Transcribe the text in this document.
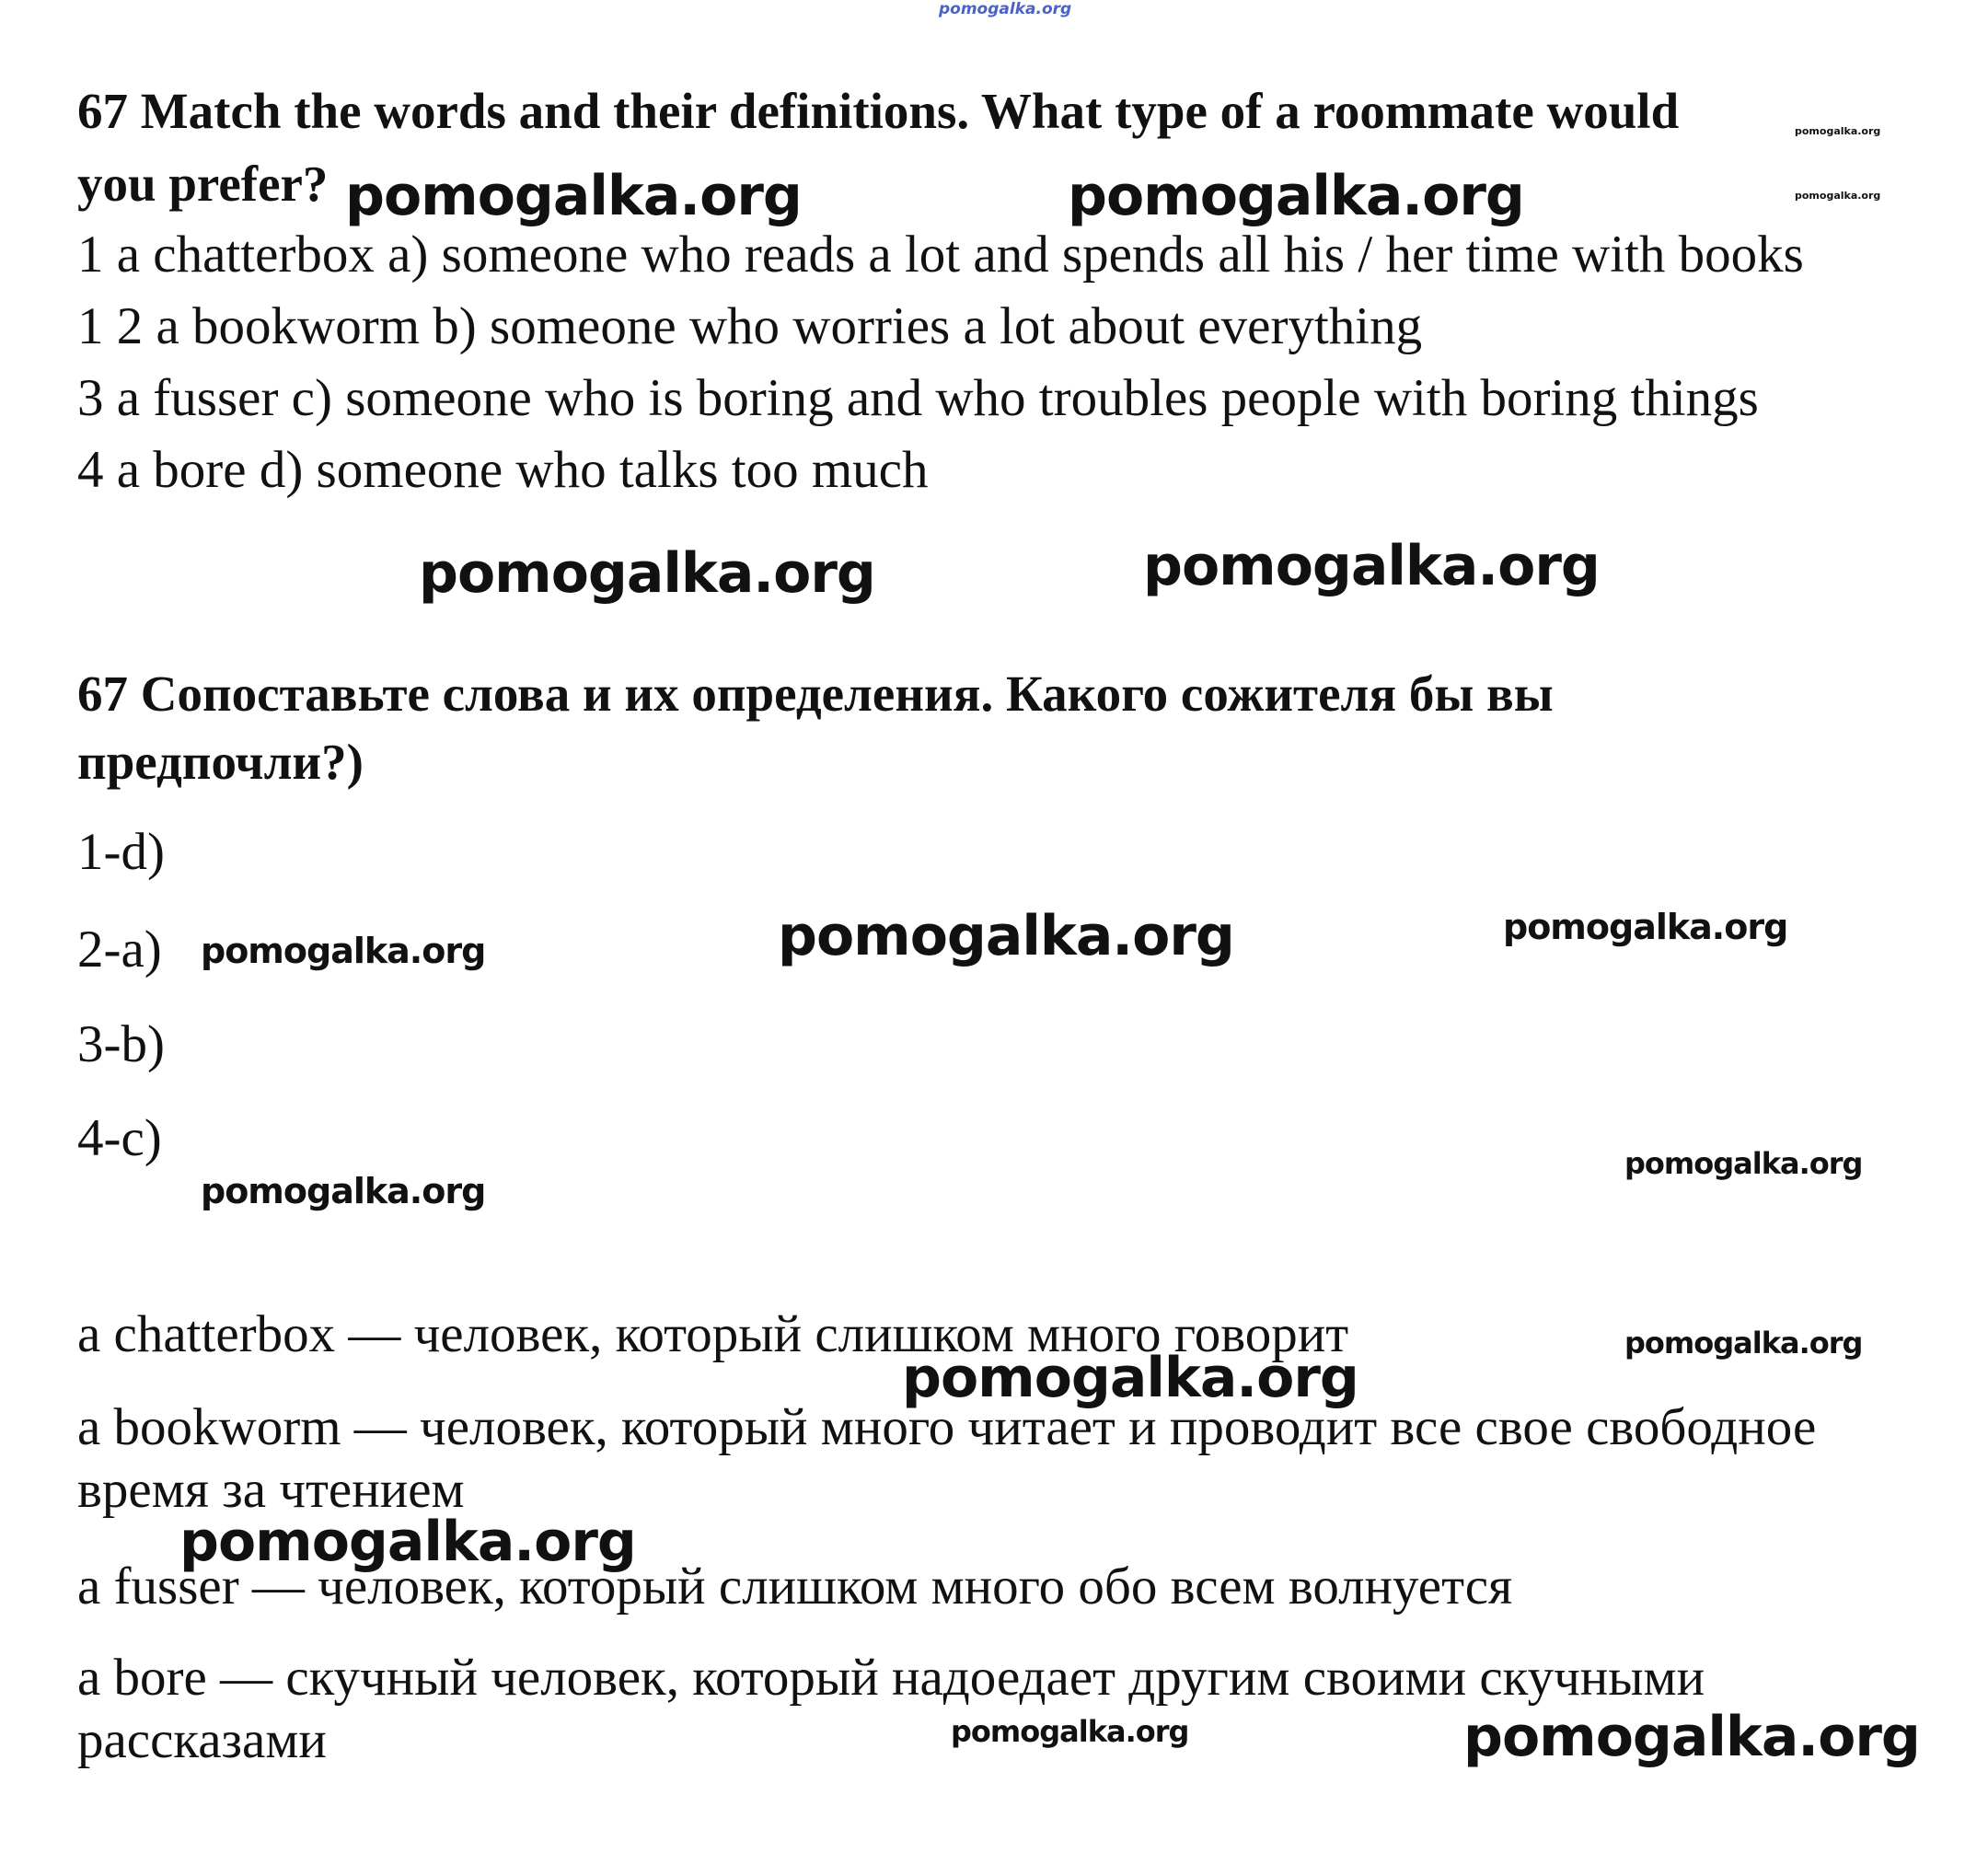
pomogalka.org
67 Match the words and their definitions. What type of a roommate would
you prefer?
1 a chatterbox a) someone who reads a lot and spends all his / her time with books
1 2 a bookworm b) someone who worries a lot about everything
3 a fusser c) someone who is boring and who troubles people with boring things
4 a bore d) someone who talks too much
67 Сопоставьте слова и их определения. Какого сожителя бы вы
предпочли?)
1-d)
2-a)
3-b)
4-c)
a chatterbox — человек, который слишком много говорит
a bookworm — человек, который много читает и проводит все свое свободное время за чтением
a fusser — человек, который слишком много обо всем волнуется
a bore — скучный человек, который надоедает другим своими скучными рассказами
pomogalka.org	pomogalka.org
pomogalka.org
pomogalka.org
pomogalka.org	pomogalka.org
pomogalka.org	pomogalka.org	pomogalka.org
pomogalka.org
pomogalka.org
pomogalka.org
pomogalka.org
pomogalka.org
pomogalka.org	pomogalka.org
